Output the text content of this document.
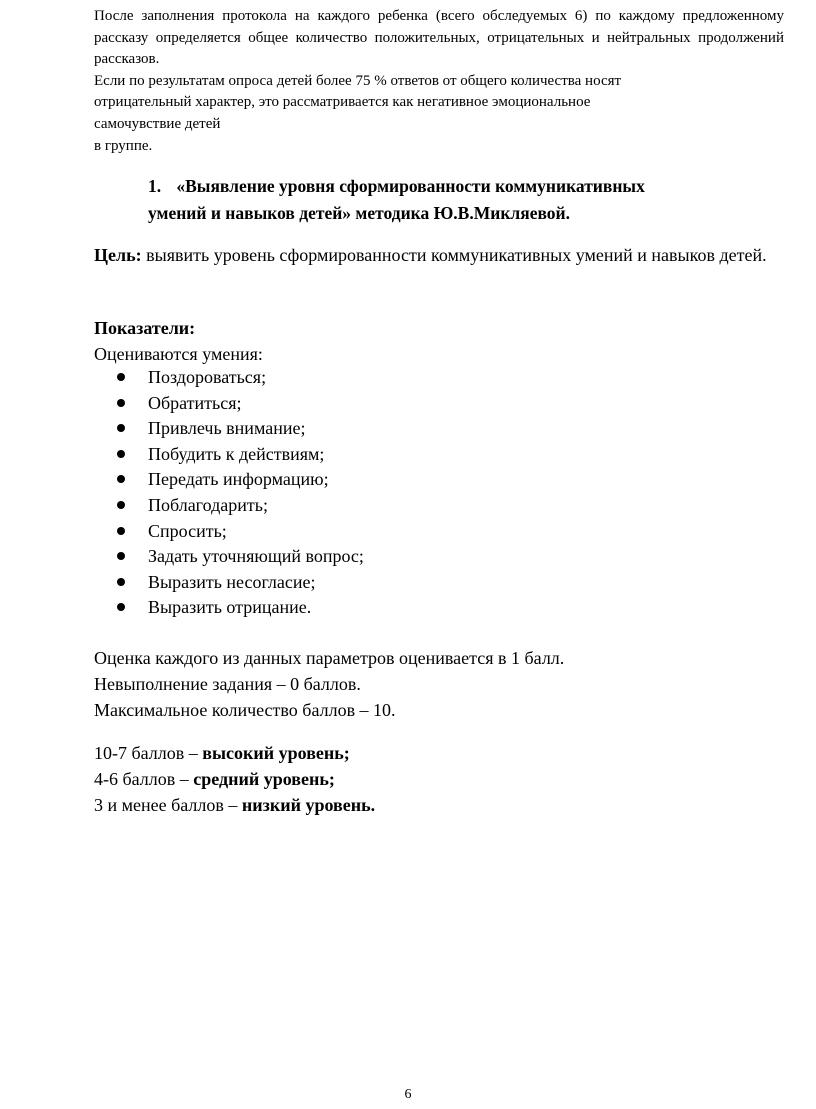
После заполнения протокола на каждого ребенка (всего обследуемых 6) по каждому предложенному рассказу определяется общее количество положительных, отрицательных и нейтральных продолжений рассказов.

Если по результатам опроса детей более 75 % ответов от общего количества носят

отрицательный характер, это рассматривается как негативное эмоциональное

самочувствие детей

в группе.

1. «Выявление уровня сформированности коммуникативных
умений и навыков детей» методика Ю.В.Микляевой.
Цель: выявить уровень сформированности коммуникативных умений и навыков детей.
Показатели:
Оцениваются умения:
Поздороваться;
Обратиться;
Привлечь внимание;
Побудить к действиям;
Передать информацию;
Поблагодарить;
Спросить;
Задать уточняющий вопрос;
Выразить несогласие;
Выразить отрицание.

Оценка каждого из данных параметров оценивается в 1 балл.

Невыполнение задания – 0 баллов.

Максимальное количество баллов – 10.

10-7 баллов – высокий уровень;

4-6 баллов – средний уровень;

3 и менее баллов – низкий уровень.

6
